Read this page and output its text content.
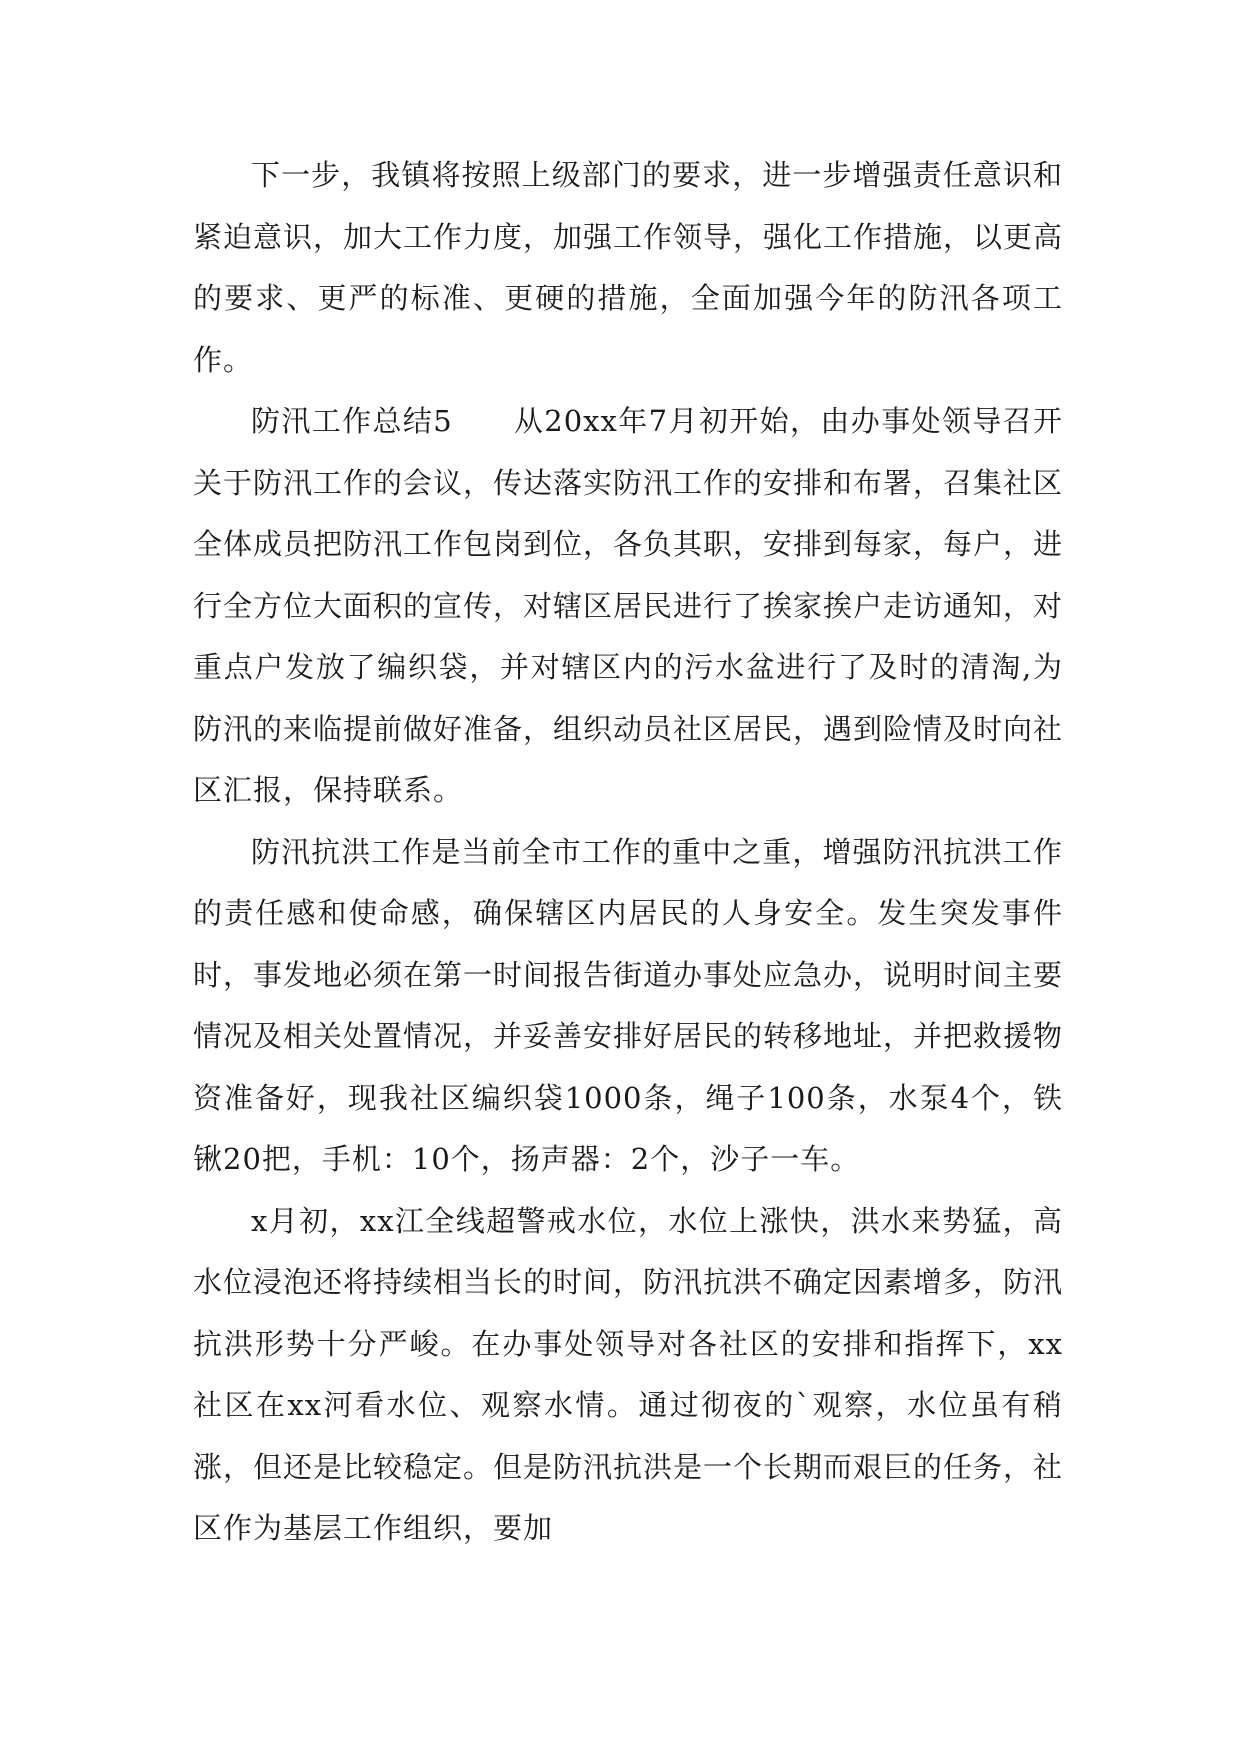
下一步，我镇将按照上级部门的要求，进一步增强责任意识和紧迫意识，加大工作力度，加强工作领导，强化工作措施，以更高的要求、更严的标准、更硬的措施，全面加强今年的防汛各项工作。

防汛工作总结5　　从20xx年7月初开始，由办事处领导召开关于防汛工作的会议，传达落实防汛工作的安排和布署，召集社区全体成员把防汛工作包岗到位，各负其职，安排到每家，每户，进行全方位大面积的宣传，对辖区居民进行了挨家挨户走访通知，对重点户发放了编织袋，并对辖区内的污水盆进行了及时的清淘,为防汛的来临提前做好准备，组织动员社区居民，遇到险情及时向社区汇报，保持联系。

防汛抗洪工作是当前全市工作的重中之重，增强防汛抗洪工作的责任感和使命感，确保辖区内居民的人身安全。发生突发事件时，事发地必须在第一时间报告街道办事处应急办，说明时间主要情况及相关处置情况，并妥善安排好居民的转移地址，并把救援物资准备好，现我社区编织袋1000条，绳子100条，水泵4个，铁锹20把，手机：10个，扬声器：2个，沙子一车。

x月初，xx江全线超警戒水位，水位上涨快，洪水来势猛，高水位浸泡还将持续相当长的时间，防汛抗洪不确定因素增多，防汛抗洪形势十分严峻。在办事处领导对各社区的安排和指挥下，xx社区在xx河看水位、观察水情。通过彻夜的`观察，水位虽有稍涨，但还是比较稳定。但是防汛抗洪是一个长期而艰巨的任务，社区作为基层工作组织，要加
